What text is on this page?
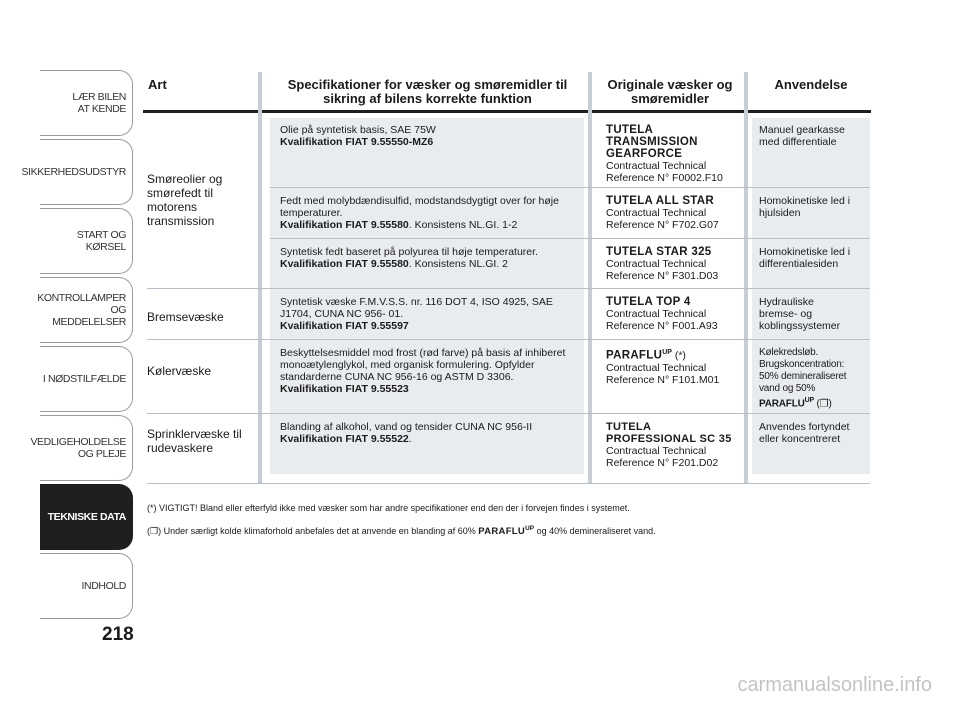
LÆR BILEN
AT KENDE
SIKKERHEDSUDSTYR
START OG KØRSEL
KONTROLLAMPER
OG MEDDELELSER
I NØDSTILFÆLDE
VEDLIGEHOLDELSE
OG PLEJE
TEKNISKE DATA
INDHOLD
218
Art	Specifikationer for væsker og smøremidler til sikring af bilens korrekte funktion
Originale væsker og smøremidler
Anvendelse
Smøreolier og smørefedt til motorens transmission
Bremsevæske
Kølervæske
Sprinklervæske til rudevaskere
Olie på syntetisk basis, SAE 75W
Kvalifikation FIAT 9.55550-MZ6
TUTELA TRANSMISSION GEARFORCE
Contractual Technical
Reference N° F0002.F10
Manuel gearkasse med differentiale
Fedt med molybdændisulfid, modstandsdygtigt over for høje temperaturer.
Kvalifikation FIAT 9.55580. Konsistens NL.GI. 1-2
TUTELA ALL STAR
Contractual Technical
Reference N° F702.G07
Homokinetiske led i hjulsiden
Syntetisk fedt baseret på polyurea til høje temperaturer.
Kvalifikation FIAT 9.55580. Konsistens NL.GI. 2
TUTELA STAR 325
Contractual Technical
Reference N° F301.D03
Homokinetiske led i differentialesiden
Syntetisk væske F.M.V.S.S. nr. 116 DOT 4, ISO 4925, SAE J1704, CUNA NC 956- 01.
Kvalifikation FIAT 9.55597
TUTELA TOP 4
Contractual Technical
Reference N° F001.A93
Hydrauliske bremse- og koblingssystemer
Beskyttelsesmiddel mod frost (rød farve) på basis af inhiberet monoætylenglykol, med organisk formulering. Opfylder standarderne CUNA NC 956-16 og ASTM D 3306. Kvalifikation FIAT 9.55523
$PARAFLU^{UP}$ (*)
Contractual Technical
Reference N° F101.M01
Kølekredsløb. Brugskoncentration: 50% demineraliseret vand og 50% $PARAFLU^{UP}$ (❒)
Blanding af alkohol, vand og tensider CUNA NC 956-II
Kvalifikation FIAT 9.55522.
TUTELA PROFESSIONAL SC 35
Contractual Technical
Reference N° F201.D02
Anvendes fortyndet eller koncentreret

(*) VIGTIGT! Bland eller efterfyld ikke med væsker som har andre specifikationer end den der i forvejen findes i systemet.

(❒) Under særligt kolde klimaforhold anbefales det at anvende en blanding af 60% $PARAFLU^{UP}$ og 40% demineraliseret vand.

carmanualsonline.info
